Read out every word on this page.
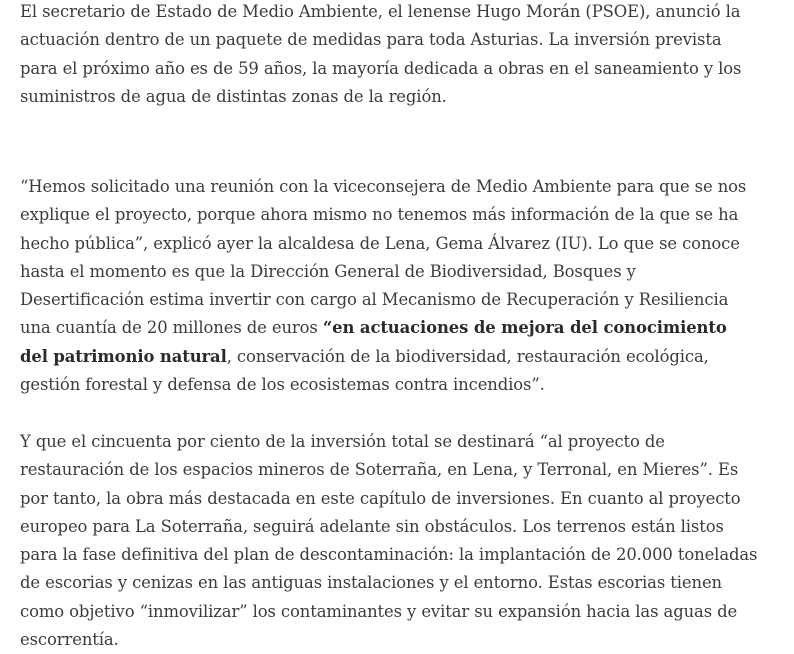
El secretario de Estado de Medio Ambiente, el lenense Hugo Morán (PSOE), anunció la actuación dentro de un paquete de medidas para toda Asturias. La inversión prevista para el próximo año es de 59 años, la mayoría dedicada a obras en el saneamiento y los suministros de agua de distintas zonas de la región.

“Hemos solicitado una reunión con la viceconsejera de Medio Ambiente para que se nos explique el proyecto, porque ahora mismo no tenemos más información de la que se ha hecho pública”, explicó ayer la alcaldesa de Lena, Gema Álvarez (IU). Lo que se conoce hasta el momento es que la Dirección General de Biodiversidad, Bosques y Desertificación estima invertir con cargo al Mecanismo de Recuperación y Resiliencia una cuantía de 20 millones de euros “en actuaciones de mejora del conocimiento del patrimonio natural, conservación de la biodiversidad, restauración ecológica, gestión forestal y defensa de los ecosistemas contra incendios”.

Y que el cincuenta por ciento de la inversión total se destinará “al proyecto de restauración de los espacios mineros de Soterraña, en Lena, y Terronal, en Mieres”. Es por tanto, la obra más destacada en este capítulo de inversiones. En cuanto al proyecto europeo para La Soterraña, seguirá adelante sin obstáculos. Los terrenos están listos para la fase definitiva del plan de descontaminación: la implantación de 20.000 toneladas de escorias y cenizas en las antiguas instalaciones y el entorno. Estas escorias tienen como objetivo “inmovilizar” los contaminantes y evitar su expansión hacia las aguas de escorrentía.
